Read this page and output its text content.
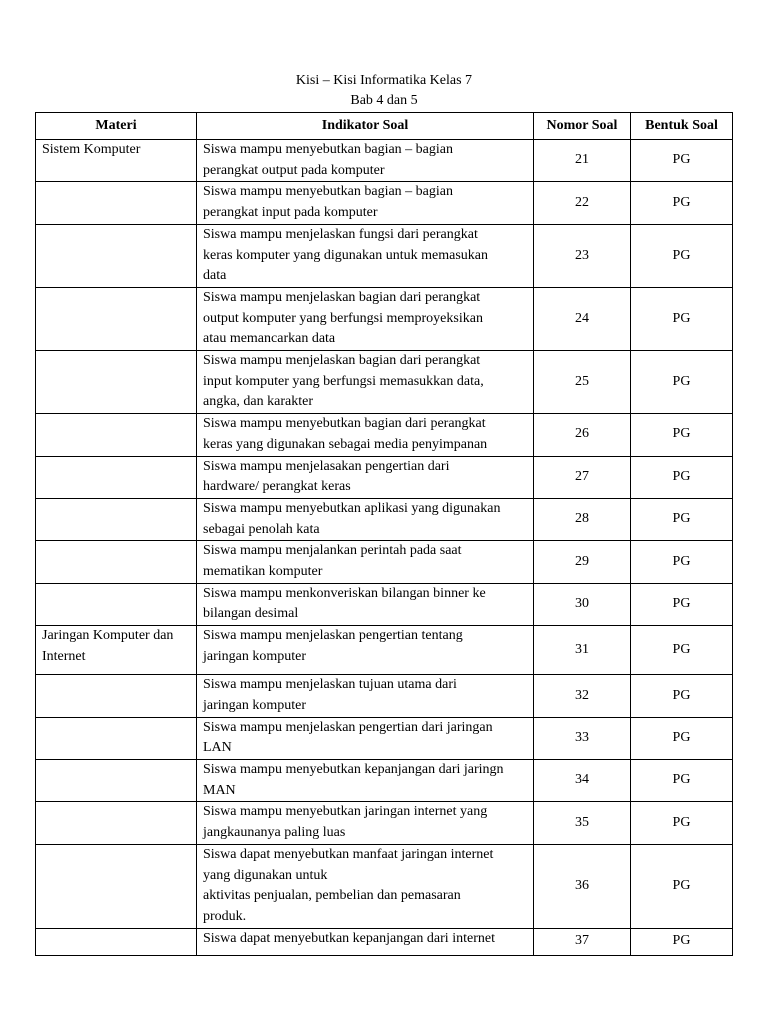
Kisi – Kisi Informatika Kelas 7
Bab 4 dan 5
Materi	Indikator Soal	Nomor Soal	Bentuk Soal
Sistem Komputer	Siswa mampu menyebutkan bagian – bagian
perangkat output pada komputer	21	PG
	Siswa mampu menyebutkan bagian – bagian
perangkat input pada komputer	22	PG
	Siswa mampu menjelaskan fungsi dari perangkat
keras komputer yang digunakan untuk memasukan
data	23	PG
	Siswa mampu menjelaskan bagian dari perangkat
output komputer yang berfungsi memproyeksikan
atau memancarkan data	24	PG
	Siswa mampu menjelaskan bagian dari perangkat
input komputer yang berfungsi memasukkan data,
angka, dan karakter	25	PG
	Siswa mampu menyebutkan bagian dari perangkat
keras yang digunakan sebagai media penyimpanan	26	PG
	Siswa mampu menjelasakan pengertian dari
hardware/ perangkat keras	27	PG
	Siswa mampu menyebutkan aplikasi yang digunakan
sebagai penolah kata	28	PG
	Siswa mampu menjalankan perintah pada saat
mematikan komputer	29	PG
	Siswa mampu menkonveriskan bilangan binner ke
bilangan desimal	30	PG
Jaringan Komputer dan
Internet	Siswa mampu menjelaskan pengertian tentang
jaringan komputer	31	PG
	Siswa mampu menjelaskan tujuan utama dari
jaringan komputer	32	PG
	Siswa mampu menjelaskan pengertian dari jaringan
LAN	33	PG
	Siswa mampu menyebutkan kepanjangan dari jaringn
MAN	34	PG
	Siswa mampu menyebutkan jaringan internet yang
jangkaunanya paling luas	35	PG
	Siswa dapat menyebutkan manfaat jaringan internet
yang digunakan untuk
aktivitas penjualan, pembelian dan pemasaran
produk.	36	PG
	Siswa dapat menyebutkan kepanjangan dari internet	37	PG
